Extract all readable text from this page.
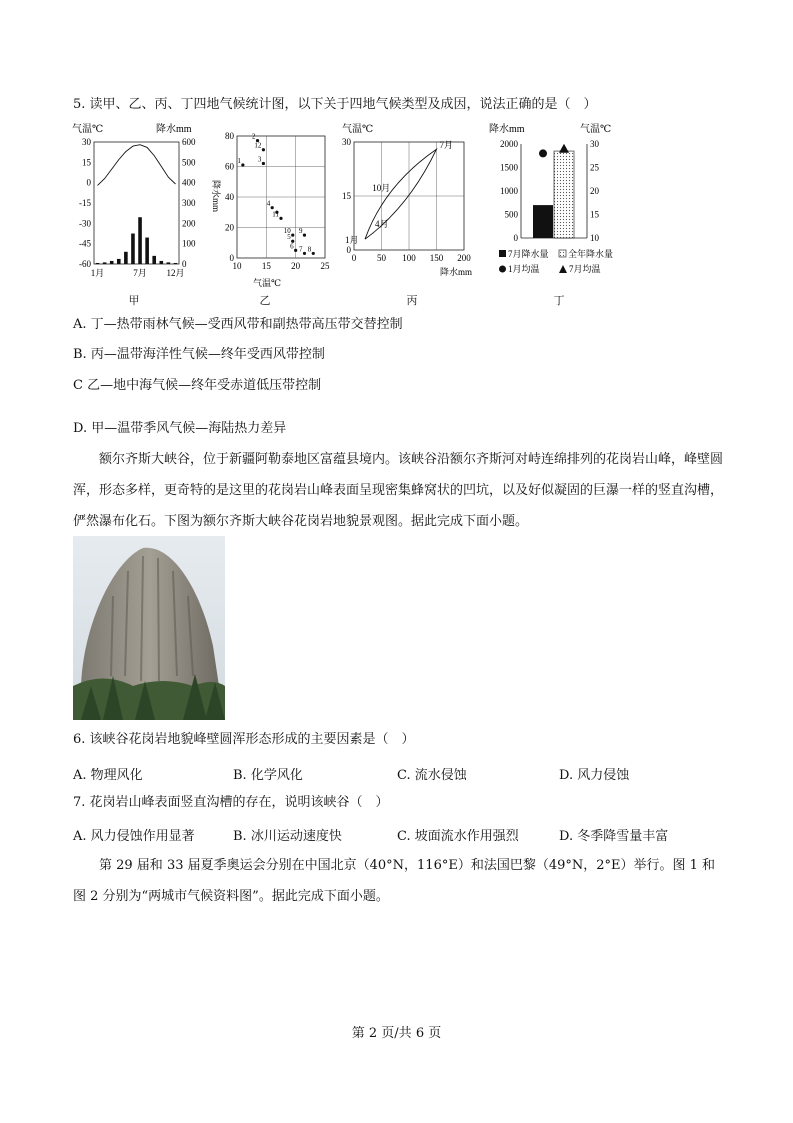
5. 读甲、乙、丙、丁四地气候统计图，以下关于四地气候类型及成因，说法正确的是（　）
气温℃	降水mm
30
15
0
-15
-30
-45
-60
600
500
400
300
200
100
0
1月	7月 12月
甲
降水mm
80
60
40
20
0
10 15 20 25
1
2
12
3
4
11
10
5
9
6 7 8
气温℃
乙
气温℃
30
15
0
0 50 100 150 200
7月
10月
4月
1月
降水mm
丙
降水mm	气温℃
2000
1500
1000
500
0
30
25
20
15
10
7月降水量 全年降水量
1月均温	7月均温
丁
A. 丁—热带雨林气候—受西风带和副热带高压带交替控制
B. 丙—温带海洋性气候—终年受西风带控制
C 乙—地中海气候—终年受赤道低压带控制
D. 甲—温带季风气候—海陆热力差异
额尔齐斯大峡谷，位于新疆阿勒泰地区富蕴县境内。该峡谷沿额尔齐斯河对峙连绵排列的花岗岩山峰，峰壁圆浑，形态多样，更奇特的是这里的花岗岩山峰表面呈现密集蜂窝状的凹坑，以及好似凝固的巨瀑一样的竖直沟槽，俨然瀑布化石。下图为额尔齐斯大峡谷花岗岩地貌景观图。据此完成下面小题。
6. 该峡谷花岗岩地貌峰壁圆浑形态形成的主要因素是（　）
A. 物理风化	B. 化学风化	C. 流水侵蚀	D. 风力侵蚀
7. 花岗岩山峰表面竖直沟槽的存在，说明该峡谷（　）
A. 风力侵蚀作用显著	B. 冰川运动速度快	C. 坡面流水作用强烈	D. 冬季降雪量丰富
第 29 届和 33 届夏季奥运会分别在中国北京（40°N，116°E）和法国巴黎（49°N，2°E）举行。图 1 和图 2 分别为“两城市气候资料图”。据此完成下面小题。
第 2 页/共 6 页
